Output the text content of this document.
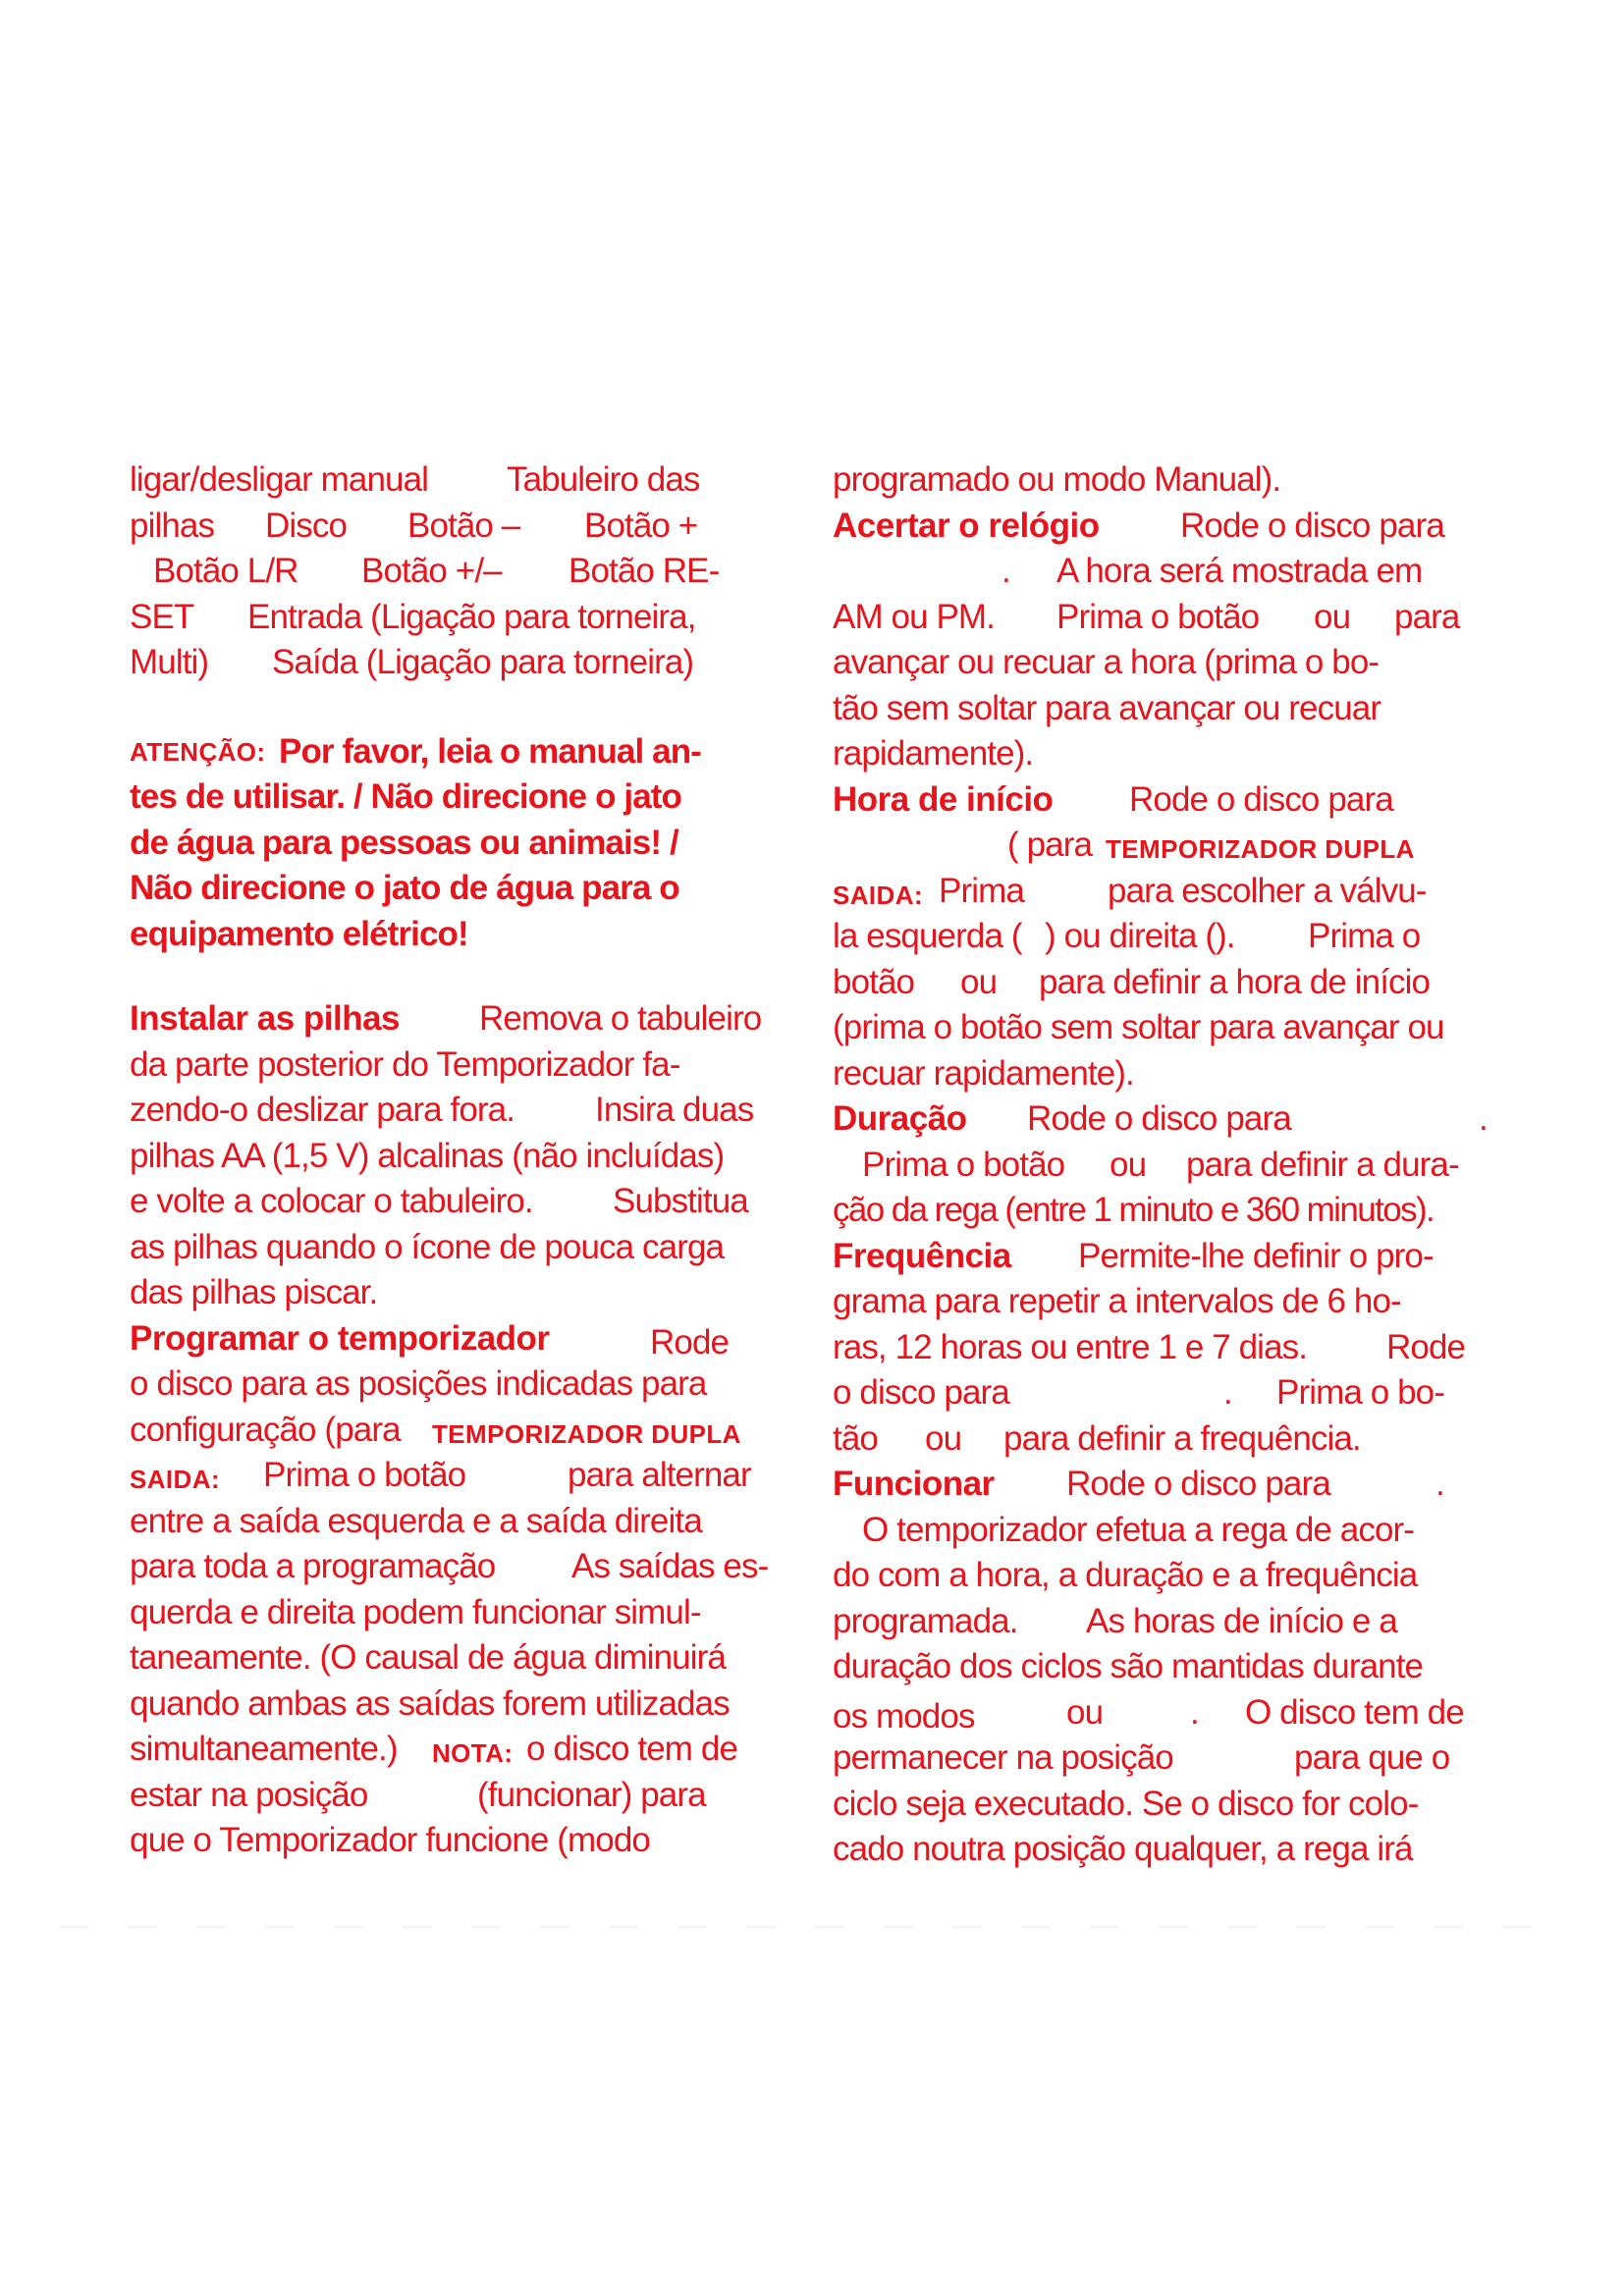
ligar/desligar manual Tabuleiro das
pilhas Disco Botão – Botão +
Botão L/R Botão +/– Botão RE-
SET Entrada (Ligação para torneira,
Multi) Saída (Ligação para torneira)
ATENÇÃO: Por favor, leia o manual an-
tes de utilisar. / Não direcione o jato
de água para pessoas ou animais! /
Não direcione o jato de água para o
equipamento elétrico!
Instalar as pilhas Remova o tabuleiro
da parte posterior do Temporizador fa-
zendo-o deslizar para fora. Insira duas
pilhas AA (1,5 V) alcalinas (não incluídas)
e volte a colocar o tabuleiro. Substitua
as pilhas quando o ícone de pouca carga
das pilhas piscar.
Programar o temporizador	Rode
o disco para as posições indicadas para
configuração (para TEMPORIZADOR DUPLA
SAIDA: Prima o botão	para alternar
entre a saída esquerda e a saída direita
para toda a programação As saídas es-
querda e direita podem funcionar simul-
taneamente. (O causal de água diminuirá
quando ambas as saídas forem utilizadas
simultaneamente.) NOTA: o disco tem de
estar na posição	(funcionar) para
que o Temporizador funcione (modo
programado ou modo Manual).
Acertar o relógio Rode o disco para
. A hora será mostrada em
AM ou PM. Prima o botão ou para
avançar ou recuar a hora (prima o bo-
tão sem soltar para avançar ou recuar
rapidamente).
Hora de início Rode o disco para
( para TEMPORIZADOR DUPLA
SAIDA: Prima para escolher a válvu-
la esquerda ( ) ou direita ( ). Prima o
botão ou para definir a hora de início
(prima o botão sem soltar para avançar ou
recuar rapidamente).
Duração Rode o disco para	.
Prima o botão ou para definir a dura-
ção da rega (entre 1 minuto e 360 minutos).
Frequência Permite-lhe definir o pro-
grama para repetir a intervalos de 6 ho-
ras, 12 horas ou entre 1 e 7 dias. Rode
o disco para	. Prima o bo-
tão ou para definir a frequência.
Funcionar Rode o disco para	.
O temporizador efetua a rega de acor-
do com a hora, a duração e a frequência
programada. As horas de início e a
duração dos ciclos são mantidas durante
os modos	ou	. O disco tem de
permanecer na posição	para que o
ciclo seja executado. Se o disco for colo-
cado noutra posição qualquer, a rega irá
